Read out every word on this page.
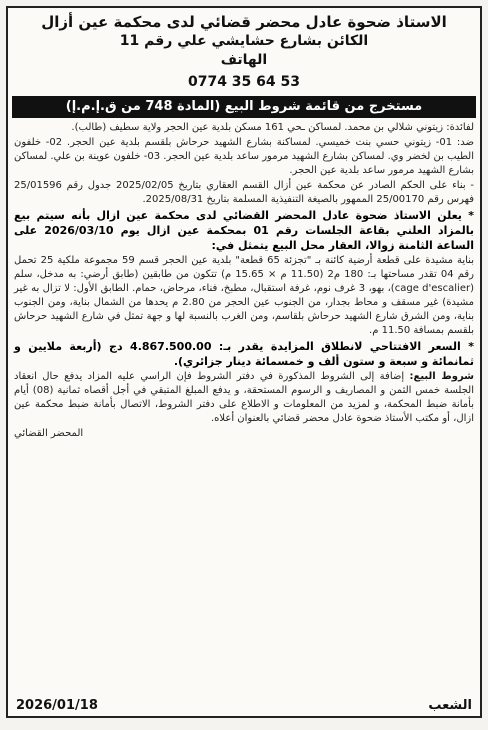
الاستاذ ضحوة عادل محضر قضائي لدى محكمة عين أزال
الكائن بشارع حشايشي علي رقم 11
الهاتف
0774 35 64 53
مستخرج من قائمة شروط البيع (المادة 748 من ق.إ.م.إ)

لفائدة: زيتوني شلالي بن محمد. لمساكن ـحي 161 مسكن بلدية عين الحجر ولاية سطيف (طالب).

ضد: 01- زيتوني حسي بنت خميسي. لمساكنة بشارع الشهيد حرحاش بلقسم بلدية عين الحجر. 02- خلفون الطيب بن لخضر وي. لمساكن بشارع الشهيد مرمور ساعد بلدية عين الحجر. 03- خلفون عوينة بن علي. لمساكن بشارع الشهيد مرمور ساعد بلدية عين الحجر.

- بناء على الحكم الصادر عن محكمة عين أزال القسم العقاري بتاريخ 2025/02/05 جدول رقم 25/01596 فهرس رقم 25/00170 الممهور بالصيغة التنفيذية المسلمة بتاريخ 2025/08/31.

* يعلن الاستاذ ضحوة عادل المحضر القضائي لدى محكمة عين ازال بأنه سيتم بيع بالمزاد العلني بقاعة الجلسات رقم 01 بمحكمة عين ازال يوم 2026/03/10 على الساعة الثامنة زوالا، العقار محل البيع يتمثل في:

بناية مشيدة على قطعة أرضية كائنة بـ "تجزئة 65 قطعة" بلدية عين الحجر قسم 59 مجموعة ملكية 25 تحمل رقم 04 تقدر مساحتها بـ: 180 م2 (11.50 م × 15.65 م) تتكون من طابقين (طابق أرضي: به مدخل، سلم (cage d'escalier)، بهو، 3 غرف نوم، غرفة استقبال، مطبخ، فناء، مرحاض، حمام. الطابق الأول: لا تزال به غير مشيدة) غير مسقف و محاط بجدار، من الجنوب عين الحجر من 2.80 م يحدها من الشمال بناية، ومن الجنوب بناية، ومن الشرق شارع الشهيد حرحاش بلقاسم، ومن الغرب بالنسبة لها و جهة تمثل في شارع الشهيد حرحاش بلقسم بمسافة 11.50 م.

* السعر الافتتاحي لانطلاق المزايدة يقدر بـ: 4.867.500.00 دج (أربعة ملايين و ثمانمائة و سبعة و ستون ألف و خمسمائة دينار جزائري).

شروط البيع: إضافة إلى الشروط المذكورة في دفتر الشروط فإن الراسي عليه المزاد يدفع حال انعقاد الجلسة خمس الثمن و المصاريف و الرسوم المستحقة، و يدفع المبلغ المتبقي في أجل أقصاه ثمانية (08) أيام بأمانة ضبط المحكمة، و لمزيد من المعلومات و الاطلاع على دفتر الشروط، الاتصال بأمانة ضبط محكمة عين ازال، أو مكتب الأستاذ ضحوة عادل محضر قضائي بالعنوان أعلاه.

المحضر القضائي

الشعب
2026/01/18
